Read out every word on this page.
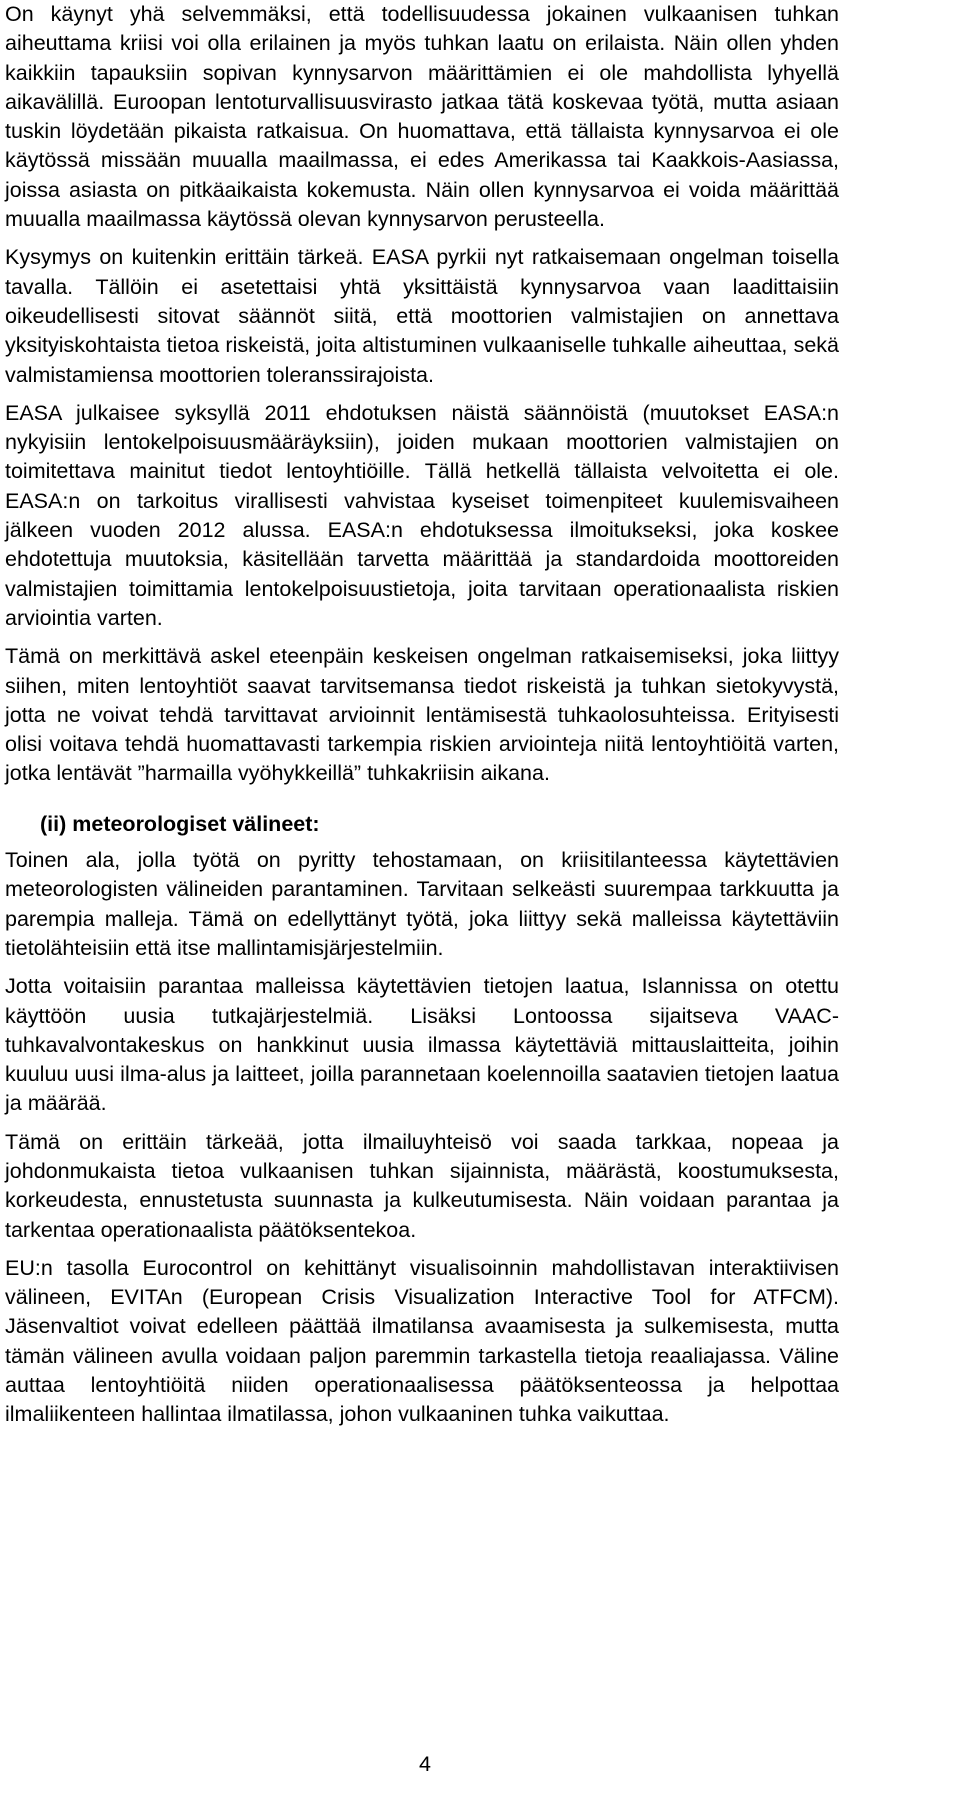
On käynyt yhä selvemmäksi, että todellisuudessa jokainen vulkaanisen tuhkan aiheuttama kriisi voi olla erilainen ja myös tuhkan laatu on erilaista. Näin ollen yhden kaikkiin tapauksiin sopivan kynnysarvon määrittämien ei ole mahdollista lyhyellä aikavälillä. Euroopan lentoturvallisuusvirasto jatkaa tätä koskevaa työtä, mutta asiaan tuskin löydetään pikaista ratkaisua. On huomattava, että tällaista kynnysarvoa ei ole käytössä missään muualla maailmassa, ei edes Amerikassa tai Kaakkois-Aasiassa, joissa asiasta on pitkäaikaista kokemusta. Näin ollen kynnysarvoa ei voida määrittää muualla maailmassa käytössä olevan kynnysarvon perusteella.

Kysymys on kuitenkin erittäin tärkeä. EASA pyrkii nyt ratkaisemaan ongelman toisella tavalla. Tällöin ei asetettaisi yhtä yksittäistä kynnysarvoa vaan laadittaisiin oikeudellisesti sitovat säännöt siitä, että moottorien valmistajien on annettava yksityiskohtaista tietoa riskeistä, joita altistuminen vulkaaniselle tuhkalle aiheuttaa, sekä valmistamiensa moottorien toleranssirajoista.

EASA julkaisee syksyllä 2011 ehdotuksen näistä säännöistä (muutokset EASA:n nykyisiin lentokelpoisuusmääräyksiin), joiden mukaan moottorien valmistajien on toimitettava mainitut tiedot lentoyhtiöille. Tällä hetkellä tällaista velvoitetta ei ole. EASA:n on tarkoitus virallisesti vahvistaa kyseiset toimenpiteet kuulemisvaiheen jälkeen vuoden 2012 alussa. EASA:n ehdotuksessa ilmoitukseksi, joka koskee ehdotettuja muutoksia, käsitellään tarvetta määrittää ja standardoida moottoreiden valmistajien toimittamia lentokelpoisuustietoja, joita tarvitaan operationaalista riskien arviointia varten.

Tämä on merkittävä askel eteenpäin keskeisen ongelman ratkaisemiseksi, joka liittyy siihen, miten lentoyhtiöt saavat tarvitsemansa tiedot riskeistä ja tuhkan sietokyvystä, jotta ne voivat tehdä tarvittavat arvioinnit lentämisestä tuhkaolosuhteissa. Erityisesti olisi voitava tehdä huomattavasti tarkempia riskien arviointeja niitä lentoyhtiöitä varten, jotka lentävät ”harmailla vyöhykkeillä” tuhkakriisin aikana.

(ii) meteorologiset välineet:

Toinen ala, jolla työtä on pyritty tehostamaan, on kriisitilanteessa käytettävien meteorologisten välineiden parantaminen. Tarvitaan selkeästi suurempaa tarkkuutta ja parempia malleja. Tämä on edellyttänyt työtä, joka liittyy sekä malleissa käytettäviin tietolähteisiin että itse mallintamisjärjestelmiin.

Jotta voitaisiin parantaa malleissa käytettävien tietojen laatua, Islannissa on otettu käyttöön uusia tutkajärjestelmiä. Lisäksi Lontoossa sijaitseva VAAC-tuhkavalvontakeskus on hankkinut uusia ilmassa käytettäviä mittauslaitteita, joihin kuuluu uusi ilma-alus ja laitteet, joilla parannetaan koelennoilla saatavien tietojen laatua ja määrää.

Tämä on erittäin tärkeää, jotta ilmailuyhteisö voi saada tarkkaa, nopeaa ja johdonmukaista tietoa vulkaanisen tuhkan sijainnista, määrästä, koostumuksesta, korkeudesta, ennustetusta suunnasta ja kulkeutumisesta. Näin voidaan parantaa ja tarkentaa operationaalista päätöksentekoa.

EU:n tasolla Eurocontrol on kehittänyt visualisoinnin mahdollistavan interaktiivisen välineen, EVITAn (European Crisis Visualization Interactive Tool for ATFCM). Jäsenvaltiot voivat edelleen päättää ilmatilansa avaamisesta ja sulkemisesta, mutta tämän välineen avulla voidaan paljon paremmin tarkastella tietoja reaaliajassa. Väline auttaa lentoyhtiöitä niiden operationaalisessa päätöksenteossa ja helpottaa ilmaliikenteen hallintaa ilmatilassa, johon vulkaaninen tuhka vaikuttaa.

4
